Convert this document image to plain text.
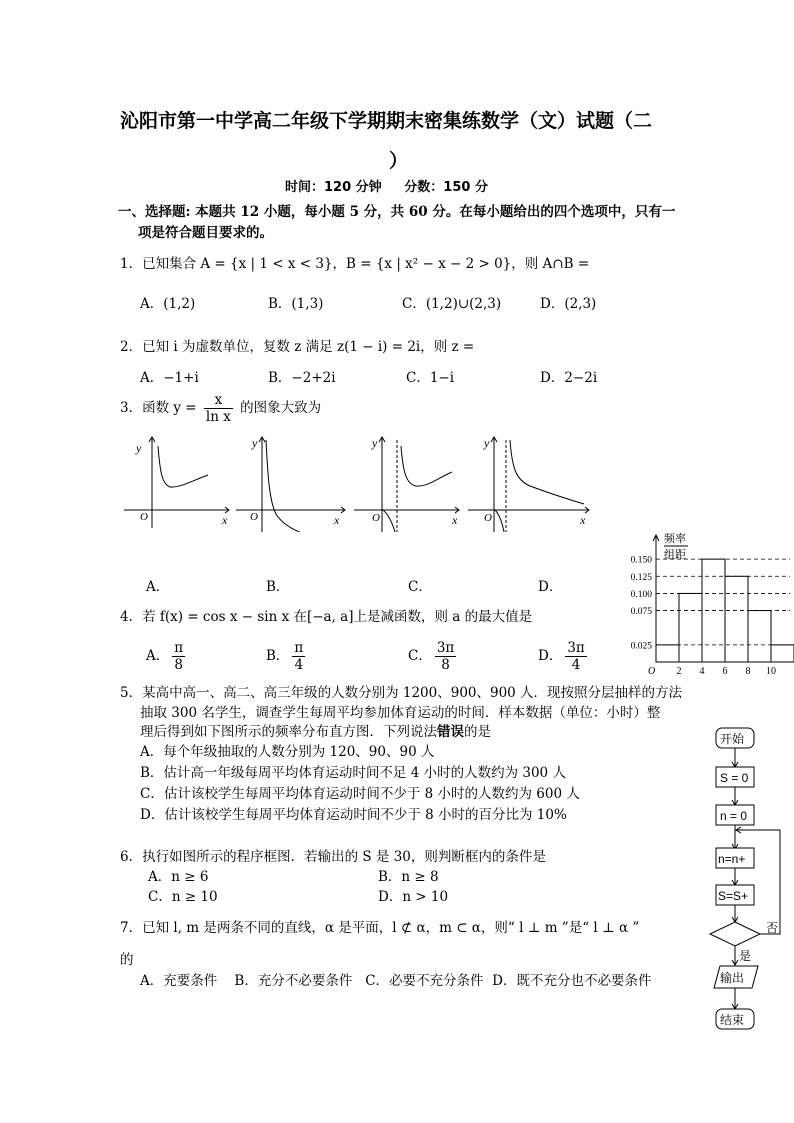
沁阳市第一中学高二年级下学期期末密集练数学（文）试题（二
）
时间：120 分钟     分数：150 分
一、选择题: 本题共 12 小题，每小题 5 分，共 60 分。在每小题给出的四个选项中，只有一
项是符合题目要求的。
1．已知集合 A = {x | 1 < x < 3}，B = {x | x² − x − 2 > 0}，则 A∩B =
A．(1,2)	B．(1,3)	C．(1,2)∪(2,3)	D．(2,3)
2．已知 i 为虚数单位，复数 z 满足 z(1 − i) = 2i，则 z =
A．−1+i	B．−2+2i	C．1−i	D．2−2i
3．函数 $y = \frac{x}{\text{ln x}}$ 的图象大致为
y
x
O
y
x
O
y
x
O
y
x
O
A．	B．	C．	D．
4．若 f(x) = cos x − sin x 在[−a, a]上是减函数，则 a 的最大值是
A． $\frac{\pi}{8}$	B． $\frac{\pi}{4}$	C． $\frac{3\pi}{8}$	D． $\frac{3\pi}{4}$
频率
组距
0.150
0.125
0.100
0.075
0.025
2 4 6 8 10
O
5．某高中高一、高二、高三年级的人数分别为 1200、900、900 人．现按照分层抽样的方法
抽取 300 名学生，调查学生每周平均参加体育运动的时间．样本数据（单位：小时）整
理后得到如下图所示的频率分布直方图．下列说法错误的是
A．每个年级抽取的人数分别为 120、90、90 人
B．估计高一年级每周平均体育运动时间不足 4 小时的人数约为 300 人
C．估计该校学生每周平均体育运动时间不少于 8 小时的人数约为 600 人
D．估计该校学生每周平均体育运动时间不少于 8 小时的百分比为 10%
6．执行如图所示的程序框图．若输出的 S 是 30，则判断框内的条件是
A．n ≥ 6	B．n ≥ 8
C．n ≥ 10	D．n > 10
开始
S = 0
n = 0
n=n+
S=S+
否
是
输出
结束
7．已知 l, m 是两条不同的直线，α 是平面，l ⊄ α，m ⊂ α，则“ l ⊥ m ”是“ l ⊥ α ”
的
A．充要条件    B．充分不必要条件   C．必要不充分条件  D．既不充分也不必要条件
